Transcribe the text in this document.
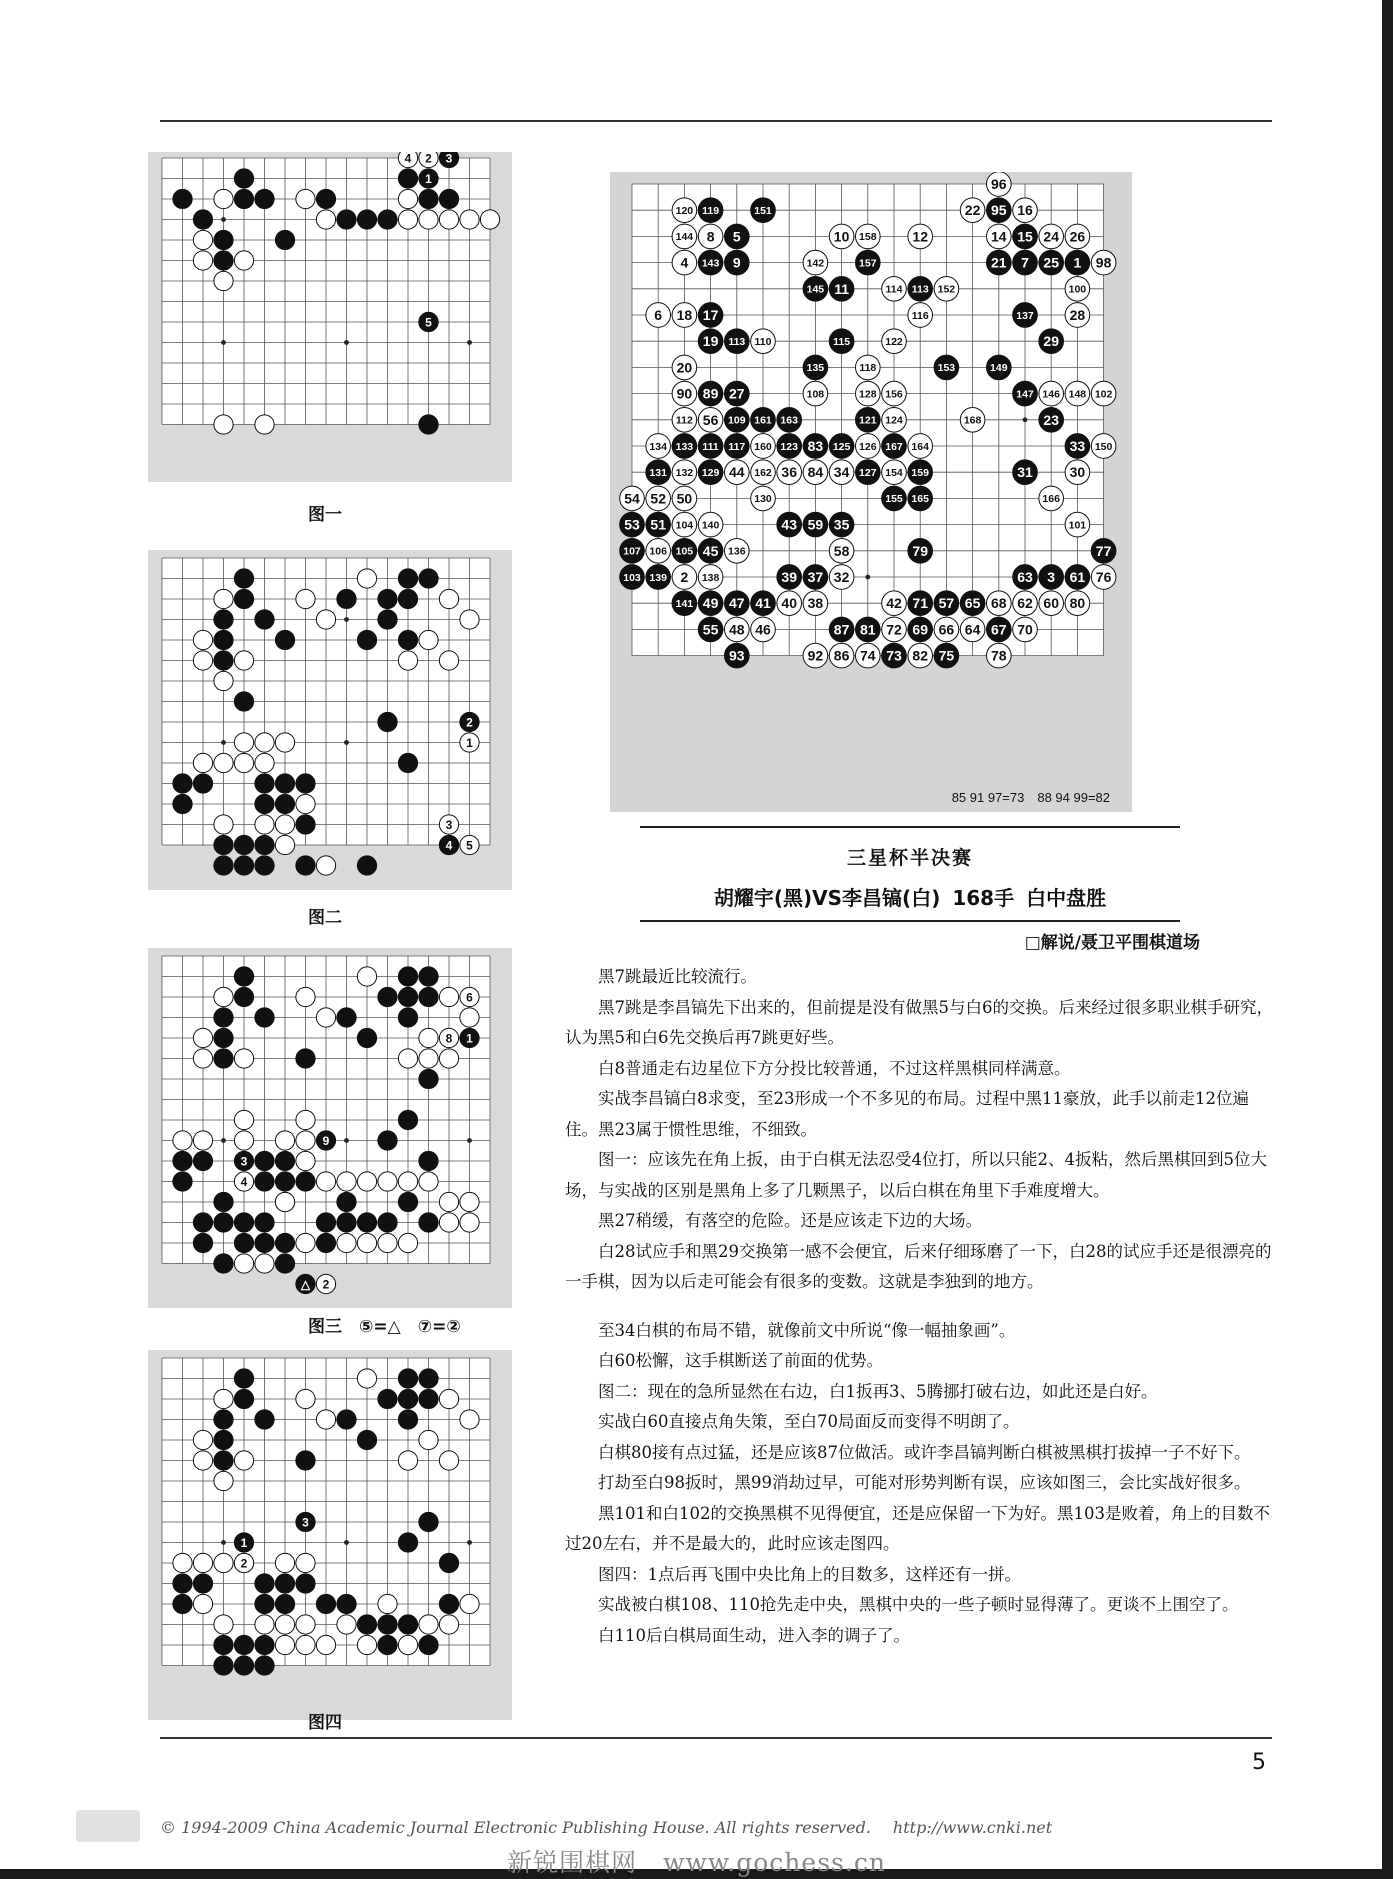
4 2 3
1
5
图一
2
1
3
4 5
图二
6
8 1
9
3
4
△ 2
图三　⑤=△　⑦=②
1
2
3
图四
96
120 119	151	22 95 16
144 8 5	10 158	12	14 15 24 26
4 143 9	142	157	21 7 25 1 98
145 11	114 113 152	100
6 18 17	116	137	28
19 113 110	115	122	29
20	135	118	153	149
90 89 27	108	128 156	147 146 148 102
112 56 109 161 163	121 124	168	23
134 133 111 117 160 123 83 125 126 167 164	33 150
131 132 129 44 162 36 84 34 127 154 159	31	30
54 52 50	130	155 165	166
53 51 104 140	43 59 35	101
107 106 105 45 136	58	79	77
103 139 2 138	39 37 32	63 3 61 76
141 49 47 41 40 38	42 71 57 65 68 62 60 80
55 48 46	87 81 72 69 66 64 67 70
93	92 86 74 73 82 75	78
85 91 97=73　88 94 99=82
三星杯半决赛
胡耀宇(黑)VS李昌镐(白) 168手 白中盘胜
□解说/聂卫平围棋道场

黑7跳最近比较流行。

黑7跳是李昌镐先下出来的，但前提是没有做黑5与白6的交换。后来经过很多职业棋手研究，认为黑5和白6先交换后再7跳更好些。

白8普通走右边星位下方分投比较普通，不过这样黑棋同样满意。

实战李昌镐白8求变，至23形成一个不多见的布局。过程中黑11豪放，此手以前走12位遍住。黑23属于惯性思维，不细致。

图一：应该先在角上扳，由于白棋无法忍受4位打，所以只能2、4扳粘，然后黑棋回到5位大场，与实战的区别是黑角上多了几颗黑子，以后白棋在角里下手难度增大。

黑27稍缓，有落空的危险。还是应该走下边的大场。

白28试应手和黑29交换第一感不会便宜，后来仔细琢磨了一下，白28的试应手还是很漂亮的一手棋，因为以后走可能会有很多的变数。这就是李独到的地方。

至34白棋的布局不错，就像前文中所说“像一幅抽象画”。

白60松懈，这手棋断送了前面的优势。

图二：现在的急所显然在右边，白1扳再3、5腾挪打破右边，如此还是白好。

实战白60直接点角失策，至白70局面反而变得不明朗了。

白棋80接有点过猛，还是应该87位做活。或许李昌镐判断白棋被黑棋打拔掉一子不好下。

打劫至白98扳时，黑99消劫过早，可能对形势判断有误，应该如图三，会比实战好很多。

黑101和白102的交换黑棋不见得便宜，还是应保留一下为好。黑103是败着，角上的目数不过20左右，并不是最大的，此时应该走图四。

图四：1点后再飞围中央比角上的目数多，这样还有一拼。

实战被白棋108、110抢先走中央，黑棋中央的一些子顿时显得薄了。更谈不上围空了。

白110后白棋局面生动，进入李的调子了。

5
© 1994-2009 China Academic Journal Electronic Publishing House. All rights reserved. http://www.cnki.net
新锐围棋网　www.gochess.cn
